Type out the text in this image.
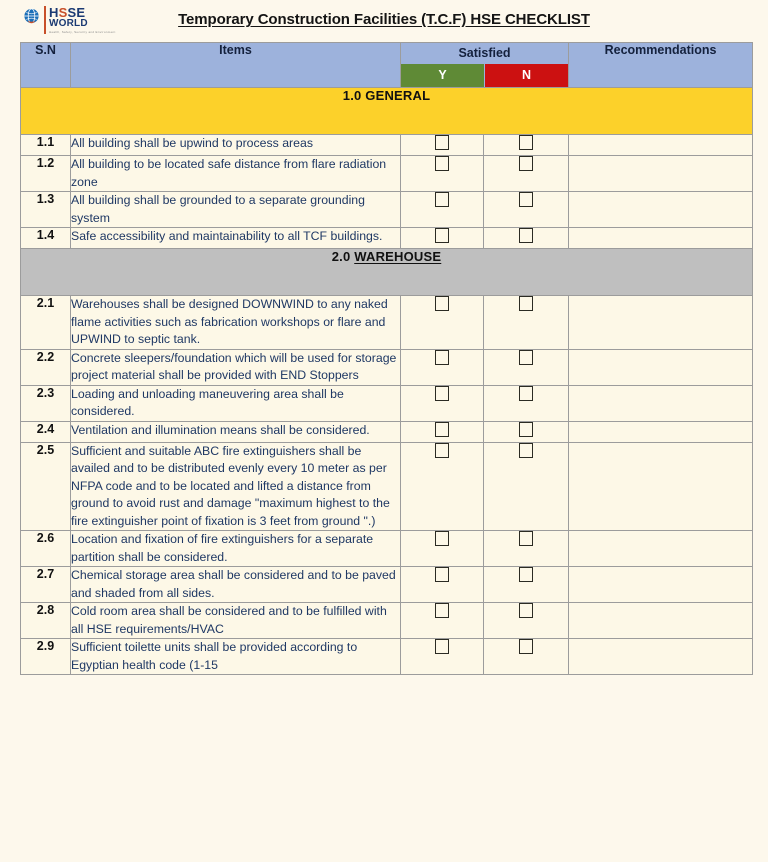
HSSE
WORLD
Health, Safety, Security and Environment
Temporary Construction Facilities (T.C.F) HSE CHECKLIST
S.N	Items	Satisfied
Y N		Recommendations
1.0 GENERAL				
1.1	All building shall be upwind to process areas			
1.2	All building to be located safe distance from flare radiation zone			
1.3	All building shall be grounded to a separate grounding system			
1.4	Safe accessibility and maintainability to all TCF buildings.			
2.0 WAREHOUSE				
2.1	Warehouses shall be designed DOWNWIND to any naked flame activities such as fabrication workshops or flare and UPWIND to septic tank.			
2.2	Concrete sleepers/foundation which will be used for storage project material shall be provided with END Stoppers			
2.3	Loading and unloading maneuvering area shall be considered.			
2.4	Ventilation and illumination means shall be considered.			
2.5	Sufficient and suitable ABC fire extinguishers shall be availed and to be distributed evenly every 10 meter as per NFPA code and to be located and lifted a distance from ground to avoid rust and damage "maximum highest to the fire extinguisher point of fixation is 3 feet from ground ".)			
2.6	Location and fixation of fire extinguishers for a separate partition shall be considered.			
2.7	Chemical storage area shall be considered and to be paved and shaded from all sides.			
2.8	Cold room area shall be considered and to be fulfilled with all HSE requirements/HVAC			
2.9	Sufficient toilette units shall be provided according to Egyptian health code (1-15			
